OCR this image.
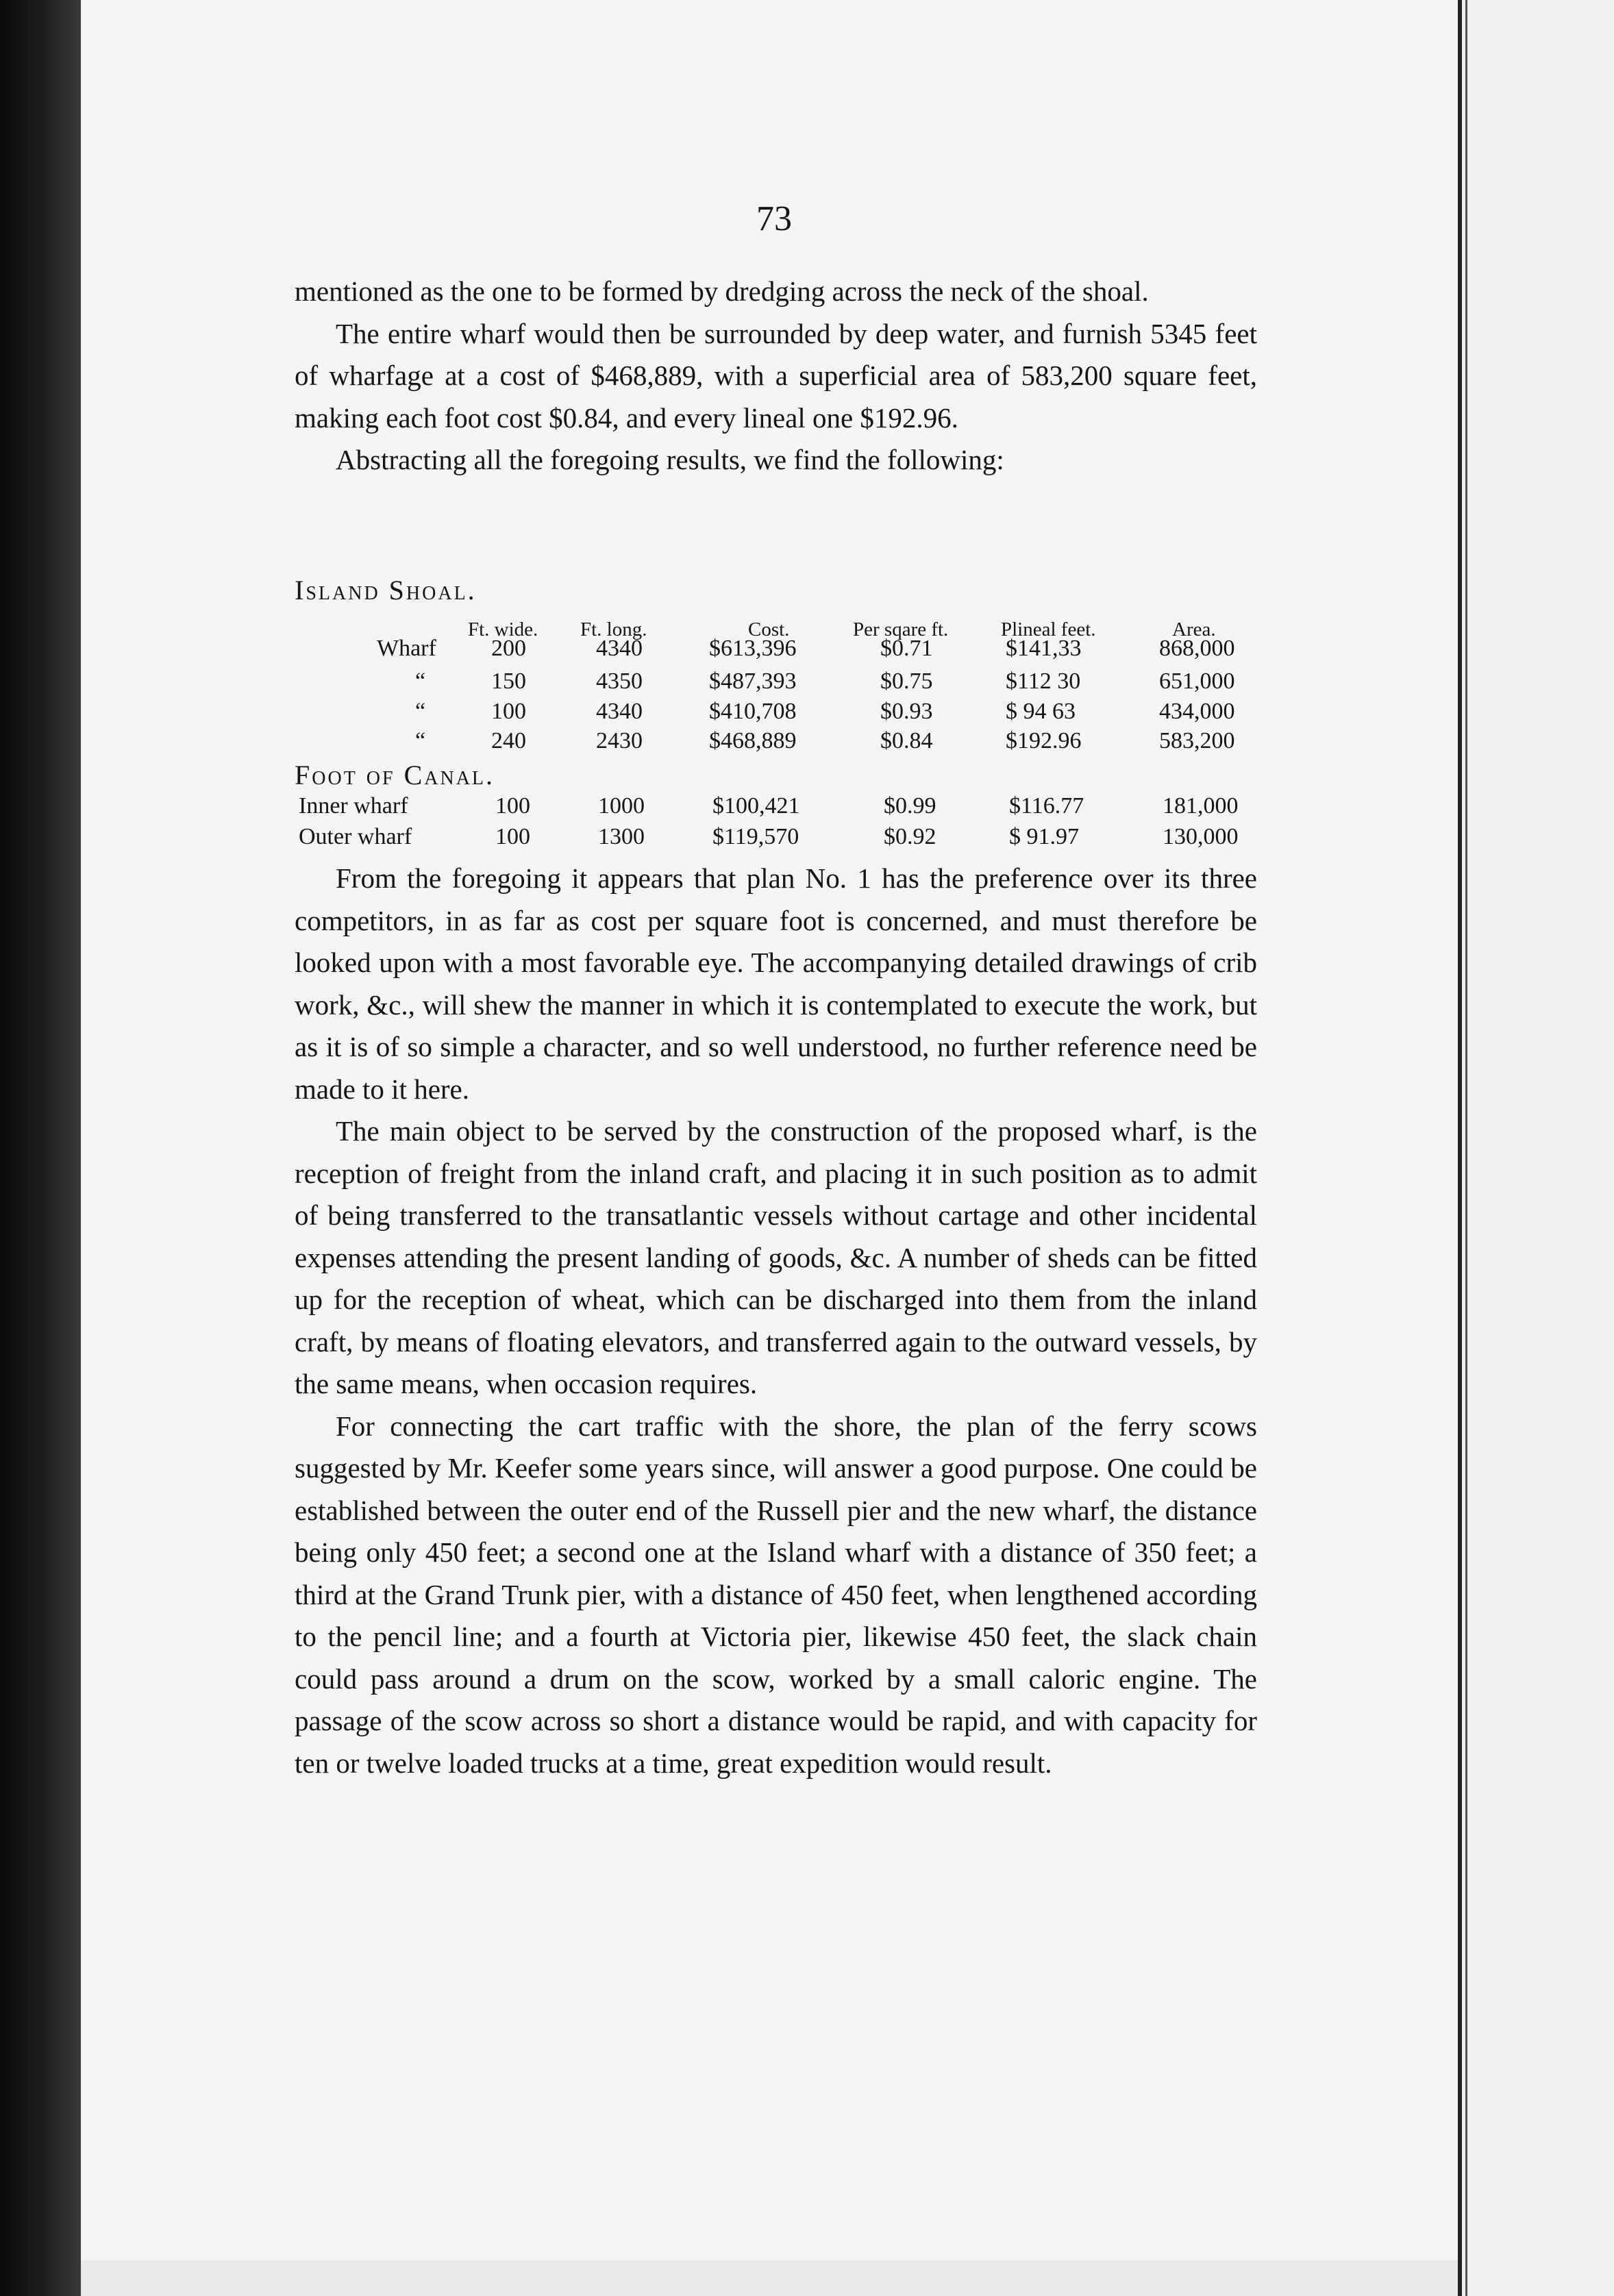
73

mentioned as the one to be formed by dredging across the neck of the shoal.

The entire wharf would then be surrounded by deep water, and furnish 5345 feet of wharfage at a cost of $468,889, with a superficial area of 583,200 square feet, making each foot cost $0.84, and every lineal one $192.96.

Abstracting all the foregoing results, we find the following:

Island Shoal.
Ft. wide. Ft. long.	Cost.	Per sqare ft.	Plineal feet.	Area.
Wharf 200	4340	$613,396	$0.71	$141,33	868,000
“	150	4350	$487,393	$0.75	$112 30	651,000
“	100	4340	$410,708	$0.93	$ 94 63	434,000
“	240	2430	$468,889	$0.84	$192.96	583,200
Foot of Canal.
Inner wharf	100	1000	$100,421	$0.99	$116.77	181,000
Outer wharf	100	1300	$119,570	$0.92	$ 91.97	130,000

From the foregoing it appears that plan No. 1 has the preference over its three competitors, in as far as cost per square foot is concerned, and must therefore be looked upon with a most favorable eye. The accompanying detailed drawings of crib work, &c., will shew the manner in which it is contemplated to execute the work, but as it is of so simple a character, and so well understood, no further reference need be made to it here.

The main object to be served by the construction of the proposed wharf, is the reception of freight from the inland craft, and placing it in such position as to admit of being transferred to the transatlantic vessels without cartage and other incidental expenses attending the present landing of goods, &c. A number of sheds can be fitted up for the reception of wheat, which can be discharged into them from the inland craft, by means of floating elevators, and transferred again to the outward vessels, by the same means, when occasion requires.

For connecting the cart traffic with the shore, the plan of the ferry scows suggested by Mr. Keefer some years since, will answer a good purpose. One could be established between the outer end of the Russell pier and the new wharf, the distance being only 450 feet; a second one at the Island wharf with a distance of 350 feet; a third at the Grand Trunk pier, with a distance of 450 feet, when lengthened according to the pencil line; and a fourth at Victoria pier, likewise 450 feet, the slack chain could pass around a drum on the scow, worked by a small caloric engine. The passage of the scow across so short a distance would be rapid, and with capacity for ten or twelve loaded trucks at a time, great expedition would result.
